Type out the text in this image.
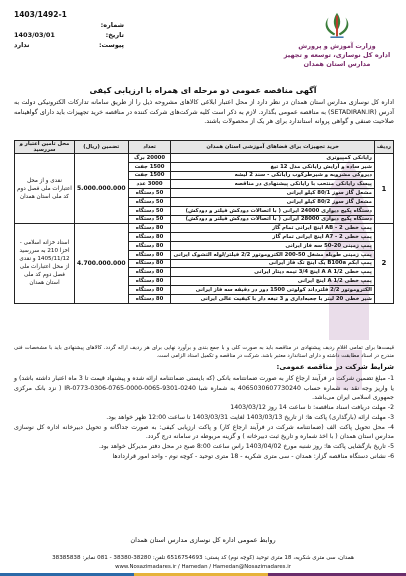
1403/1492-1
شماره:
تاریخ:
1403/03/01
پیوست:
ندارد	وزارت آموزش و پرورش
اداره کل نوسازی، توسعه و تجهیز
مدارس استان همدان
آگهی مناقصه عمومی دو مرحله ای همراه با ارزیابی کیفی
اداره کل نوسازی مدارس استان همدان در نظر دارد از محل اعتبار ابلاغی کالاهای مشروحه ذیل را از طریق سامانه تدارکات الکترونیکی دولت به آدرس (SETADIRAN.IR) به مناقصه عمومی بگذارد. لازم به ذکر است کلیه شرکت‌های شرکت کننده در مناقصه خرید تجهیزات باید دارای گواهینامه صلاحیت صنفی و گواهی پروانه استاندارد برای هر یک از محصولات باشند.
ردیف	خرید تجهیزات برای فضاهای آموزشی استان همدان	تعداد	تضمین (ریال)	محل تامین اعتبار و سررسید
1	رایانکی کمپیوتری	20000 برگ	5.000.000.000	نقدی و از محل اعتبارات ملی فصل دوم کد ملی استان همدان
	شیر ساده و آرایش رایانکی مدل 12 تیغ	1500 جفت		
	دیروکی مشروبه و شیرطرکوب رایانکی - سند 2 لیشه	1500 جفت		
	پیسک رایانکی منتحب با رایانکی پیشنهادی در مناقصه	3000 عدد		
	مشعل گاز سوز 80/1 کیلو ایرانی	50 دستگاه		
	مشعل گاز سوز 80/2 کیلو ایرانی	50 دستگاه		
	دستگاه پکیج دیواری 24000 ایرانی ( با اتصالات دودکش فیلتر و دودکش)	50 دستگاه		
	دستگاه پکیج دیواری 28000 ایرانی ( با اتصالات دودکش فیلتر و دودکش)	50 دستگاه		
2	پمپ خطی AB - 2 اینچ ایرانی تمام گاز	80 دستگاه	4.700.000.000	اسناد خزانه اسلامی - اخزا 210 به سررسید 1405/11/12 و نقدی از محل اعتبارات ملی فصل دوم کد ملی استان همدان
	پمپ خطی A7 - 2 اینچ ایرانی تمام گاز	80 دستگاه		
	پمپ زمینی 20-50 سه فاز ایرانی	80 دستگاه		
	پمپ زمینی طویله مشغل 50-200 الکتروموتور 2/2 فیلتر/لوله التشوک ایرانی	80 دستگاه		
	پمپ آبکم B100a یک اینچ تک فاز ایرانی	80 دستگاه		
	پمپ خطی 1/2 A A اینچ 3/4 تیمه دیتار ایرانی	80 دستگاه		
	پمپ خطی 1/2 A اینچ ایرانی	80 دستگاه		
	الکتروموتور 2/2 فلترداند کولوتی 1500 دور در دقیقه سه فاز ایرانی	80 دستگاه		
	شیر خطی 20 لیتر با جعبه‌اداری و 3 تیغه دار با کیفیت عالی ایرانی	80 دستگاه		
قیمت‌ها برای تمامی اقلام ردیف پیشنهادی در مناقصه باید به صورت کلی و با جمع بندی و برآورد نهایی برای هر ردیف ارائه گردد. کالاهای پیشنهادی باید با مشخصات فنی مندرج در اسناد مطابقت داشته و دارای استاندارد معتبر باشد. شرکت در مناقصه و تکمیل اسناد الزامی است.
شرایط شرکت در مناقصه عمومی:
1- مبلغ تضمین شرکت در فرآیند ارجاع کار به صورت ضمانتنامه بانکی (که بایستی ضمانتنامه ارائه شده و پیشنهاد قیمت تا 3 ماه اعتبار داشته باشد) و یا واریز وجه نقد به شماره حساب 4065030607730240 به شماره شبا IR-0773-0306-0765-0000-0065-9301-0240 ( نزد بانک مرکزی جمهوری اسلامی ایران می‌باشد.
2- مهلت دریافت اسناد مناقصه: تا ساعت 14 روز 1403/03/12
3- مهلت ارائه (بارگذاری) پاکت ها: از تاریخ 1403/03/13 لغایت 1403/03/31 تا ساعت 12:00 ظهر خواهد بود.
4- محل تحویل پاکت الف (ضمانتنامه شرکت در فرآیند ارجاع کار) و پاکت ارزیابی کیفی: به صورت جداگانه و تحویل دبیرخانه اداره کل نوسازی مدارس استان همدان ( با اخذ شماره و تاریخ ثبت دبیرخانه ) و گزینه مربوطه در سامانه درج گردد.
5- تاریخ بازگشایی پاکت ها: روز شنبه مورخ 1403/04/02 راس ساعت 8:00 صبح در محل دفتر مدیرکل خواهد بود.
6- نشانی دستگاه مناقصه گزار: همدان - سی متری شکریه - 18 متری توحید - کوچه نوم - واحد امور قراردادها
روابط عمومی اداره کل نوسازی مدارس استان همدان
همدان، سی متری شکریه، 18 متری توحید (کوچه نوم) کد پستی: 6516754693 تلفن: 38280-38380 - 081 نمابر: 38385838
www.Nosazimadares.ir / Hamedan / Hamedan@Nosazimadares.ir
